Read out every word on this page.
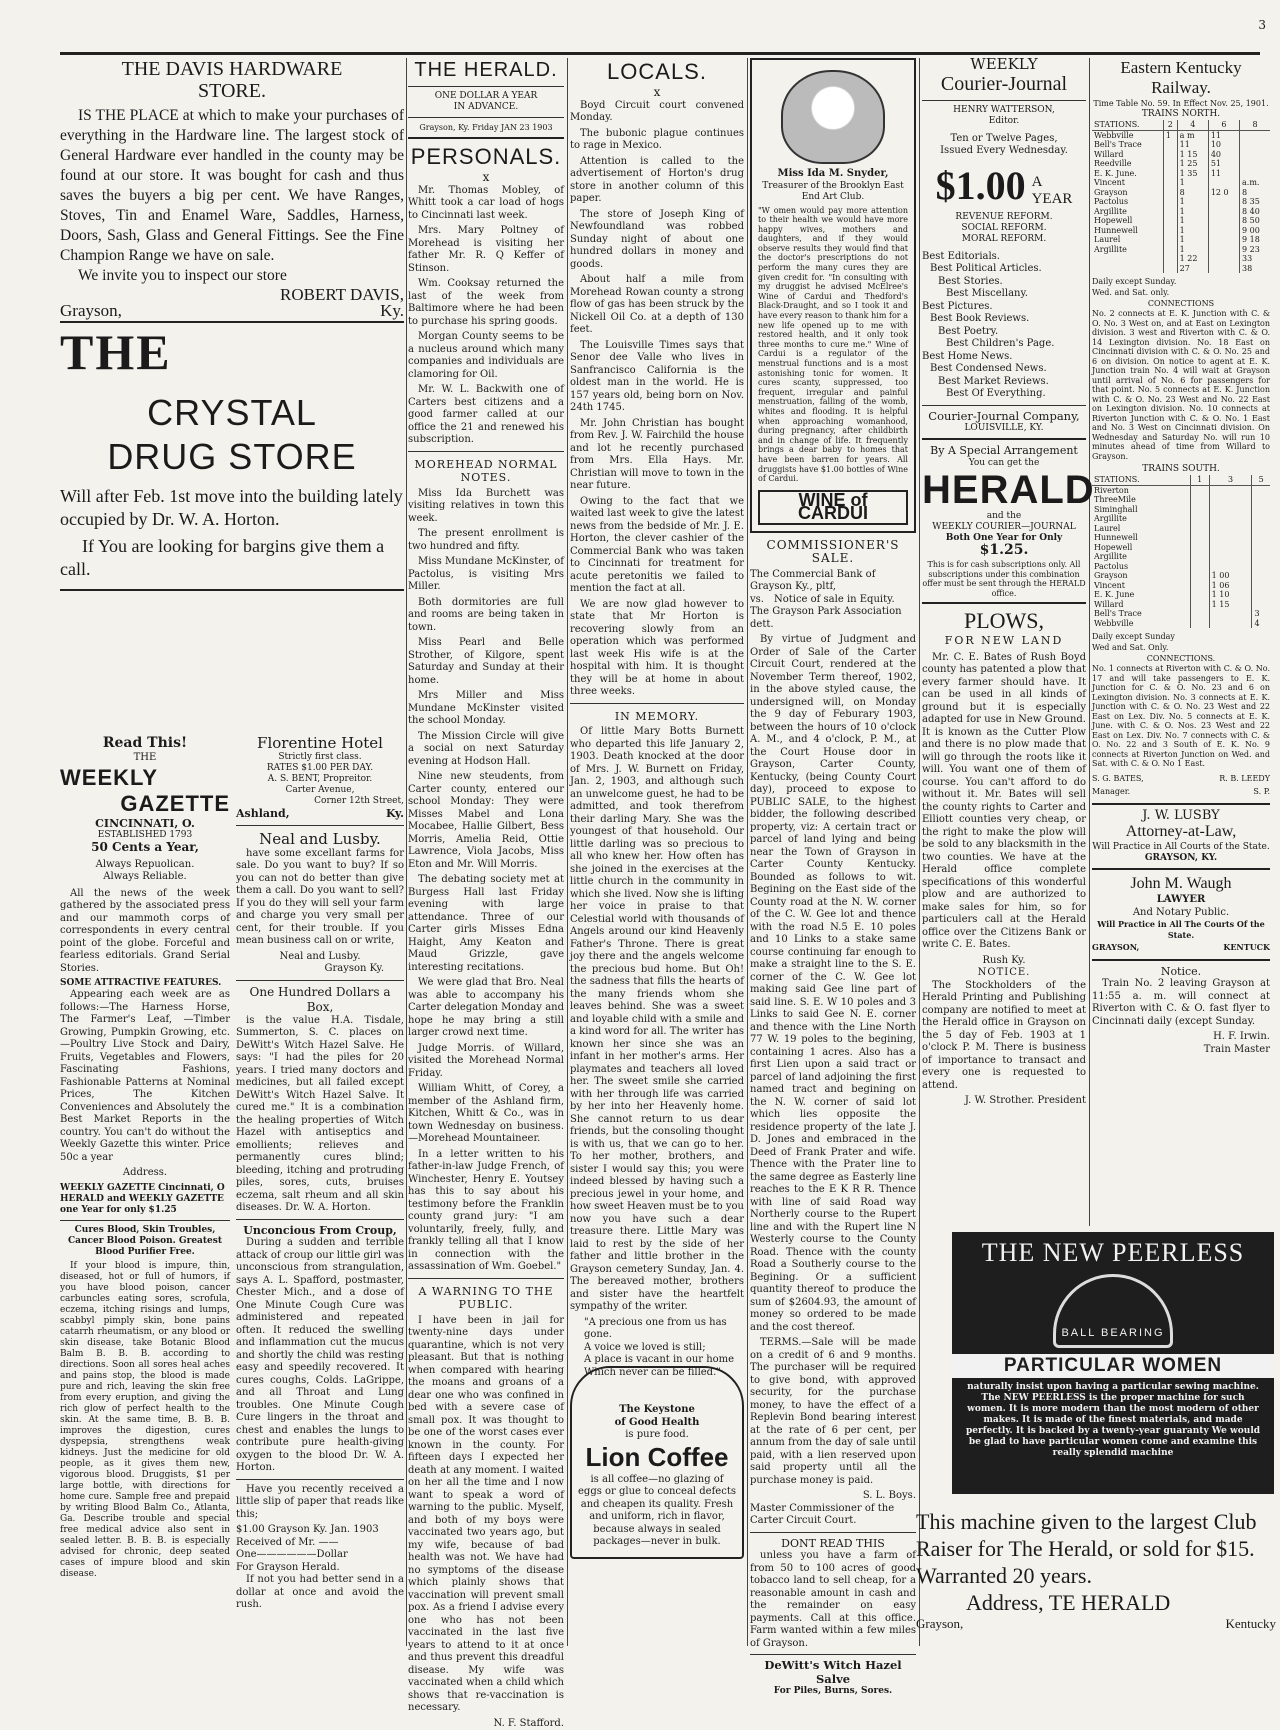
3
THE DAVIS HARDWARE
STORE.

IS THE PLACE at which to make your purchases of everything in the Hardware line. The largest stock of General Hardware ever handled in the county may be found at our store. It was bought for cash and thus saves the buyers a big per cent. We have Ranges, Stoves, Tin and Enamel Ware, Saddles, Harness, Doors, Sash, Glass and General Fittings. See the Fine Champion Range we have on sale.

We invite you to inspect our store

ROBERT DAVIS,
Grayson,	Ky.
THE
CRYSTAL
DRUG STORE

Will after Feb. 1st move into the building lately occupied by Dr. W. A. Horton.

If You are looking for bargins give them a call.

Read This!
THE
WEEKLY
GAZETTE
CINCINNATI, O.
ESTABLISHED 1793
50 Cents a Year,
Always Repuolican.
Always Reliable.

All the news of the week gathered by the associated press and our mammoth corps of correspondents in every central point of the globe. Forceful and fearless editorials. Grand Serial Stories.

SOME ATTRACTIVE FEATURES.

Appearing each week are as follows:—The Harness Horse, The Farmer's Leaf, —Timber Growing, Pumpkin Growing, etc. —Poultry Live Stock and Dairy, Fruits, Vegetables and Flowers, Fascinating Fashions, Fashionable Patterns at Nominal Prices, The Kitchen Conveniences and Absolutely the Best Market Reports in the country. You can't do without the Weekly Gazette this winter. Price 50c a year

Address.
WEEKLY GAZETTE Cincinnati, O HERALD and WEEKLY GAZETTE one Year for only $1.25
Cures Blood, Skin Troubles, Cancer Blood Poison. Greatest Blood Purifier Free.

If your blood is impure, thin, diseased, hot or full of humors, if you have blood poison, cancer carbuncles eating sores, scrofula, eczema, itching risings and lumps, scabbyl pimply skin, bone pains catarrh rheumatism, or any blood or skin disease, take Botanic Blood Balm B. B. B. according to directions. Soon all sores heal aches and pains stop, the blood is made pure and rich, leaving the skin free from every eruption, and giving the rich glow of perfect health to the skin. At the same time, B. B. B. improves the digestion, cures dyspepsia, strengthens weak kidneys. Just the medicine for old people, as it gives them new, vigorous blood. Druggists, $1 per large bottle, with directions for home cure. Sample free and prepaid by writing Blood Balm Co., Atlanta, Ga. Describe trouble and special free medical advice also sent in sealed letter. B. B. B. is especially advised for chronic, deep seated cases of impure blood and skin disease.

Florentine Hotel
Strictly first class.
RATES $1.00 PER DAY.
A. S. BENT, Propreitor.
Carter Avenue,
Corner 12th Street,
Ashland,	Ky.
Neal and Lusby.

have some excellant farms for sale. Do you want to buy? If so you can not do better than give them a call. Do you want to sell? If you do they will sell your farm and charge you very small per cent, for their trouble. If you mean business call on or write,

Neal and Lusby.
Grayson Ky.
One Hundred Dollars a Box,

is the value H.A. Tisdale, Summerton, S. C. places on DeWitt's Witch Hazel Salve. He says: "I had the piles for 20 years. I tried many doctors and medicines, but all failed except DeWitt's Witch Hazel Salve. It cured me." It is a combination the healing properties of Witch Hazel with antiseptics and emollients; relieves and permanently cures blind; bleeding, itching and protruding piles, sores, cuts, bruises eczema, salt rheum and all skin diseases. Dr. W. A. Horton.

Unconcious From Croup,

During a sudden and terrible attack of croup our little girl was unconscious from strangulation, says A. L. Spafford, postmaster, Chester Mich., and a dose of One Minute Cough Cure was administered and repeated often. It reduced the swelling and inflammation cut the mucus and shortly the child was resting easy and speedily recovered. It cures coughs, Colds. LaGrippe, and all Throat and Lung troubles. One Minute Cough Cure lingers in the throat and chest and enables the lungs to contribute pure health-giving oxygen to the blood Dr. W. A. Horton.

Have you recently received a little slip of paper that reads like this;

$1.00 Grayson Ky. Jan. 1903
Received of Mr. ——
One——————Dollar
For Grayson Herald.

If not you had better send in a dollar at once and avoid the rush.

THE HERALD.
ONE DOLLAR A YEAR
IN ADVANCE.
Grayson, Ky. Friday JAN 23 1903
PERSONALS.
x

Mr. Thomas Mobley, of Whitt took a car load of hogs to Cincinnati last week.

Mrs. Mary Poltney of Morehead is visiting her father Mr. R. Q Keffer of Stinson.

Wm. Cooksay returned the last of the week from Baltimore where he had been to purchase his spring goods.

Morgan County seems to be a nucleus around which many companies and individuals are clamoring for Oil.

Mr. W. L. Backwith one of Carters best citizens and a good farmer called at our office the 21 and renewed his subscription.

MOREHEAD NORMAL NOTES.

Miss Ida Burchett was visiting relatives in town this week.

The present enrollment is two hundred and fifty.

Miss Mundane McKinster, of Pactolus, is visiting Mrs Miller.

Both dormitories are full and rooms are being taken in town.

Miss Pearl and Belle Strother, of Kilgore, spent Saturday and Sunday at their home.

Mrs Miller and Miss Mundane McKinster visited the school Monday.

The Mission Circle will give a social on next Saturday evening at Hodson Hall.

Nine new steudents, from Carter county, entered our school Monday: They were Misses Mabel and Lona Mocabee, Hallie Gilbert, Bess Morris, Amelia Reid, Ottie Lawrence, Viola Jacobs, Miss Eton and Mr. Will Morris.

The debating society met at Burgess Hall last Friday evening with large attendance. Three of our Carter girls Misses Edna Haight, Amy Keaton and Maud Grizzle, gave interesting recitations.

We were glad that Bro. Neal was able to accompany his Carter delegation Monday and hope he may bring a still larger crowd next time.

Judge Morris. of Willard, visited the Morehead Normal Friday.

William Whitt, of Corey, a member of the Ashland firm, Kitchen, Whitt & Co., was in town Wednesday on business. —Morehead Mountaineer.

In a letter written to his father-in-law Judge French, of Winchester, Henry E. Youtsey has this to say about his testimony before the Franklin county grand jury: "I am voluntarily, freely, fully, and frankly telling all that I know in connection with the assassination of Wm. Goebel."

A WARNING TO THE PUBLIC.

I have been in jail for twenty-nine days under quarantine, which is not very pleasant. But that is nothing when compared with hearing the moans and groans of a dear one who was confined in bed with a severe case of small pox. It was thought to be one of the worst cases ever known in the county. For fifteen days I expected her death at any moment. I waited on her all the time and I now want to speak a word of warning to the public. Myself, and both of my boys were vaccinated two years ago, but my wife, because of bad health was not. We have had no symptoms of the disease which plainly shows that vaccination will prevent small pox. As a friend I advise every one who has not been vaccinated in the last five years to attend to it at once and thus prevent this dreadful disease. My wife was vaccinated when a child which shows that re-vaccination is necessary.

N. F. Stafford.
LOCALS.
x

Boyd Circuit court convened Monday.

The bubonic plague continues to rage in Mexico.

Attention is called to the advertisement of Horton's drug store in another column of this paper.

The store of Joseph King of Newfoundland was robbed Sunday night of about one hundred dollars in money and goods.

About half a mile from Morehead Rowan county a strong flow of gas has been struck by the Nickell Oil Co. at a depth of 130 feet.

The Louisville Times says that Senor dee Valle who lives in Sanfrancisco California is the oldest man in the world. He is 157 years old, being born on Nov. 24th 1745.

Mr. John Christian has bought from Rev. J. W. Fairchild the house and lot he recently purchased from Mrs. Ella Hays. Mr. Christian will move to town in the near future.

Owing to the fact that we waited last week to give the latest news from the bedside of Mr. J. E. Horton, the clever cashier of the Commercial Bank who was taken to Cincinnati for treatment for acute peretonitis we failed to mention the fact at all.

We are now glad however to state that Mr Horton is recovering slowly from an operation which was performed last week His wife is at the hospital with him. It is thought they will be at home in about three weeks.

IN MEMORY.

Of little Mary Botts Burnett who departed this life January 2, 1903. Death knocked at the door of Mrs. J. W. Burnett on Friday, Jan. 2, 1903, and although such an unwelcome guest, he had to be admitted, and took therefrom their darling Mary. She was the youngest of that household. Our little darling was so precious to all who knew her. How often has she joined in the exercises at the little church in the community in which she lived. Now she is lifting her voice in praise to that Celestial world with thousands of Angels around our kind Heavenly Father's Throne. There is great joy there and the angels welcome the precious bud home. But Oh! the sadness that fills the hearts of the many friends whom she leaves behind. She was a sweet and loyable child with a smile and a kind word for all. The writer has known her since she was an infant in her mother's arms. Her playmates and teachers all loved her. The sweet smile she carried with her through life was carried by her into her Heavenly home. She cannot return to us dear friends, but the consoling thought is with us, that we can go to her. To her mother, brothers, and sister I would say this; you were indeed blessed by having such a precious jewel in your home, and how sweet Heaven must be to you now you have such a dear treasure there. Little Mary was laid to rest by the side of her father and little brother in the Grayson cemetery Sunday, Jan. 4. The bereaved mother, brothers and sister have the heartfelt sympathy of the writer.

"A precious one from us has gone.
A voice we loved is still;
A place is vacant in our home
Which never can be filled."
The Keystone
of Good Health
is pure food.
Lion Coffee

is all coffee—no glazing of eggs or glue to conceal defects and cheapen its quality. Fresh and uniform, rich in flavor, because always in sealed packages—never in bulk.

Miss Ida M. Snyder,
Treasurer of the Brooklyn East End Art Club.

"W omen would pay more attention to their health we would have more happy wives, mothers and daughters, and if they would observe results they would find that the doctor's prescriptions do not perform the many cures they are given credit for. "In consulting with my druggist he advised McElree's Wine of Cardui and Thedford's Black-Draught, and so I took it and have every reason to thank him for a new life opened up to me with restored health, and it only took three months to cure me." Wine of Cardui is a regulator of the menstrual functions and is a most astonishing tonic for women. It cures scanty, suppressed, too frequent, irregular and painful menstruation, falling of the womb, whites and flooding. It is helpful when approaching womanhood, during pregnancy, after childbirth and in change of life. It frequently brings a dear baby to homes that have been barren for years. All druggists have $1.00 bottles of Wine of Cardui.

WINE of CARDUI
COMMISSIONER'S SALE.
The Commercial Bank of Grayson Ky., pltf,
vs. Notice of sale in Equity.
The Grayson Park Association dett.

By virtue of Judgment and Order of Sale of the Carter Circuit Court, rendered at the November Term thereof, 1902, in the above styled cause, the undersigned will, on Monday the 9 day of Feburary 1903, between the hours of 10 o'clock A. M., and 4 o'clock, P. M., at the Court House door in Grayson, Carter County, Kentucky, (being County Court day), proceed to expose to PUBLIC SALE, to the highest bidder, the following described property, viz: A certain tract or parcel of land lying and being near the Town of Grayson in Carter County Kentucky. Bounded as follows to wit. Begining on the East side of the County road at the N. W. corner of the C. W. Gee lot and thence with the road N.5 E. 10 poles and 10 Links to a stake same course continuing far enough to make a straight line to the S. E. corner of the C. W. Gee lot making said Gee line part of said line. S. E. W 10 poles and 3 Links to said Gee N. E. corner and thence with the Line North 77 W. 19 poles to the begining, containing 1 acres. Also has a first Lien upon a said tract or parcel of land adjoining the first named tract and begining on the N. W. corner of said lot which lies opposite the residence property of the late J. D. Jones and embraced in the Deed of Frank Prater and wife. Thence with the Prater line to the same degree as Easterly line reaches to the E K R R. Thence with line of said Road way Northerly course to the Rupert line and with the Rupert line N Westerly course to the County Road. Thence with the county Road a Southerly course to the Begining. Or a sufficient quantity thereof to produce the sum of $2604.93, the amount of money so ordered to be made and the cost thereof.

TERMS.—Sale will be made on a credit of 6 and 9 months. The purchaser will be required to give bond, with approved security, for the purchase money, to have the effect of a Replevin Bond bearing interest at the rate of 6 per cent, per annum from the day of sale until paid, with a lien reserved upon said property until all the purchase money is paid.

S. L. Boys.
Master Commissioner of the Carter Circuit Court.
DONT READ THIS

unless you have a farm of from 50 to 100 acres of good tobacco land to sell cheap, for a reasonable amount in cash and the remainder on easy payments. Call at this office. Farm wanted within a few miles of Grayson.

DeWitt's Witch Hazel Salve
For Piles, Burns, Sores.
WEEKLY
Courier-Journal
HENRY WATTERSON,
Editor.
Ten or Twelve Pages,
Issued Every Wednesday.
$1.00 A
YEAR
REVENUE REFORM.
SOCIAL REFORM.
MORAL REFORM.
Best Editorials.
Best Political Articles.
Best Stories.
Best Miscellany.
Best Pictures.
Best Book Reviews.
Best Poetry.
Best Children's Page.
Best Home News.
Best Condensed News.
Best Market Reviews.
Best Of Everything.
Courier-Journal Company,
LOUISVILLE, KY.
By A Special Arrangement
You can get the
HERALD
and the
WEEKLY COURIER—JOURNAL
Both One Year for Only
$1.25.

This is for cash subscriptions only. All subscriptions under this combination offer must be sent through the HERALD office.

PLOWS,
FOR NEW LAND

Mr. C. E. Bates of Rush Boyd county has patented a plow that every farmer should have. It can be used in all kinds of ground but it is especially adapted for use in New Ground. It is known as the Cutter Plow and there is no plow made that will go through the roots like it will. You want one of them of course. You can't afford to do without it. Mr. Bates will sell the county rights to Carter and Elliott counties very cheap, or the right to make the plow will be sold to any blacksmith in the two counties. We have at the Herald office complete specifications of this wonderful plow and are authorized to make sales for him, so for particulers call at the Herald office over the Citizens Bank or write C. E. Bates.

Rush Ky.
NOTICE.

The Stockholders of the Herald Printing and Publishing company are notified to meet at the Herald office in Grayson on the 5 day of Feb. 1903 at 1 o'clock P. M. There is business of importance to transact and every one is requested to attend.

J. W. Strother. President
Eastern Kentucky
Railway.
Time Table No. 59. In Effect Nov. 25, 1901.
TRAINS NORTH.
STATIONS.	2	4	6	8
Webbville	1	a m	11	
Bell's Trace		11	10	
Willard		1 15	40	
Reedville		1 25	51	
E. K. June.		1 35	11	
Vincent		1		a.m.
Grayson		8	12 0	8
Pactolus		1		8 35
Argillite		1		8 40
Hopewell		1		8 50
Hunnewell		1		9 00
Laurel		1		9 18
Argillite		1		9 23
		1 22		33
		27		38
Daily except Sunday.
Wed. and Sat. only.
CONNECTIONS

No. 2 connects at E. K. Junction with C. & O. No. 3 West on, and at East on Lexington division. 3 west and Riverton with C. & O. 14 Lexington division. No. 18 East on Cincinnati division with C. & O. No. 25 and 6 on division. On notice to agent at E. K. Junction train No. 4 will wait at Grayson until arrival of No. 6 for passengers for that point. No. 5 connects at E. K. Junction with C. & O. No. 23 West and No. 22 East on Lexington division. No. 10 connects at Riverton Junction with C. & O. No. 1 East and No. 3 West on Cincinnati division. On Wednesday and Saturday No. will run 10 minutes ahead of time from Willard to Grayson.

TRAINS SOUTH.
STATIONS.	1	3	5
Riverton			
ThreeMile			
Siminghall			
Argillite			
Laurel			
Hunnewell			
Hopewell			
Argillite			
Pactolus			
Grayson		1 00	
Vincent		1 06	
E. K. June		1 10	
Willard		1 15	
Bell's Trace			3
Webbville			4
Daily except Sunday
Wed and Sat. Only.
CONNECTIONS.

No. 1 connects at Riverton with C. & O. No. 17 and will take passengers to E. K. Junction for C. & O. No. 23 and 6 on Lexington division. No. 3 connects at E. K. Junction with C. & O. No. 23 West and 22 East on Lex. Div. No. 5 connects at E. K. June. with C. & O. Nos. 23 West and 22 East on Lex. Div. No. 7 connects with C. & O. No. 22 and 3 South of E. K. No. 9 connects at Riverton Junction on Wed. and Sat. with C. & O. No 1 East.

S. G. BATES,	R. B. LEEDY
Manager.	S. P.
J. W. LUSBY
Attorney-at-Law,
Will Practice in All Courts of the State.
GRAYSON, KY.
John M. Waugh
LAWYER
And Notary Public.
Will Practice in All The Courts Of the State.
GRAYSON,	KENTUCK
Notice.

Train No. 2 leaving Grayson at 11:55 a. m. will connect at Riverton with C. & O. fast flyer to Cincinnati daily (except Sunday.

H. F. Irwin.
Train Master
THE NEW PEERLESS
BALL BEARING
PARTICULAR WOMEN
naturally insist upon having a particular sewing machine. The NEW PEERLESS is the proper machine for such women. It is more modern than the most modern of other makes. It is made of the finest materials, and made perfectly. It is backed by a twenty-year guaranty We would be glad to have particular women come and examine this really splendid machine
This machine given to the largest Club Raiser for The Herald, or sold for $15. Warranted 20 years.
Address, TE HERALD
Grayson,	Kentucky
